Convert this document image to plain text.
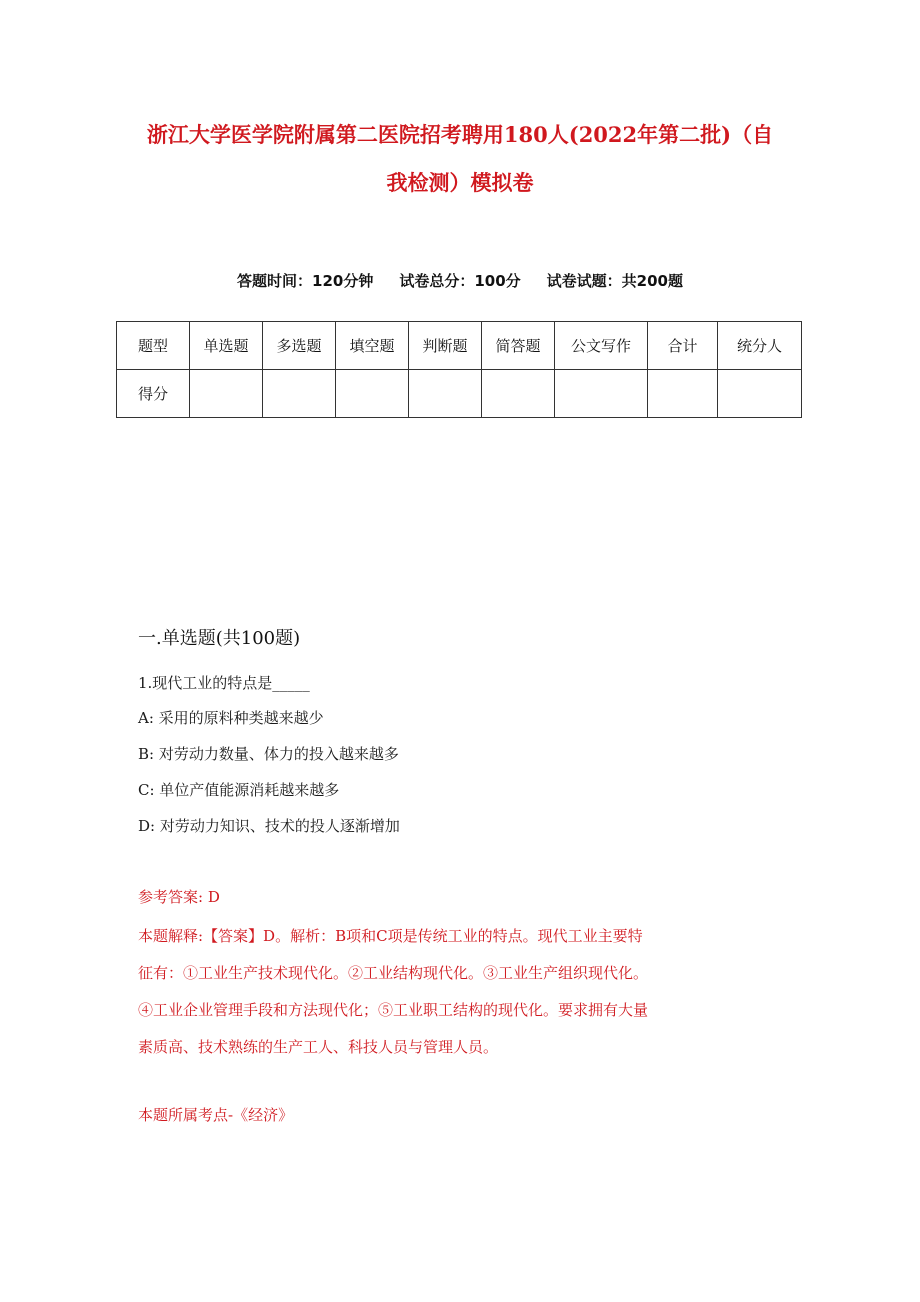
浙江大学医学院附属第二医院招考聘用180人(2022年第二批)（自
我检测）模拟卷
答题时间：120分钟 试卷总分：100分 试卷试题：共200题
题型	单选题	多选题	填空题	判断题	简答题	公文写作	合计	统分人
得分								
一.单选题(共100题)
1.现代工业的特点是_____
A: 采用的原料种类越来越少
B: 对劳动力数量、体力的投入越来越多
C: 单位产值能源消耗越来越多
D: 对劳动力知识、技术的投人逐渐增加
参考答案: D
本题解释:【答案】D。解析：B项和C项是传统工业的特点。现代工业主要特
征有：①工业生产技术现代化。②工业结构现代化。③工业生产组织现代化。
④工业企业管理手段和方法现代化；⑤工业职工结构的现代化。要求拥有大量
素质高、技术熟练的生产工人、科技人员与管理人员。
本题所属考点-《经济》
